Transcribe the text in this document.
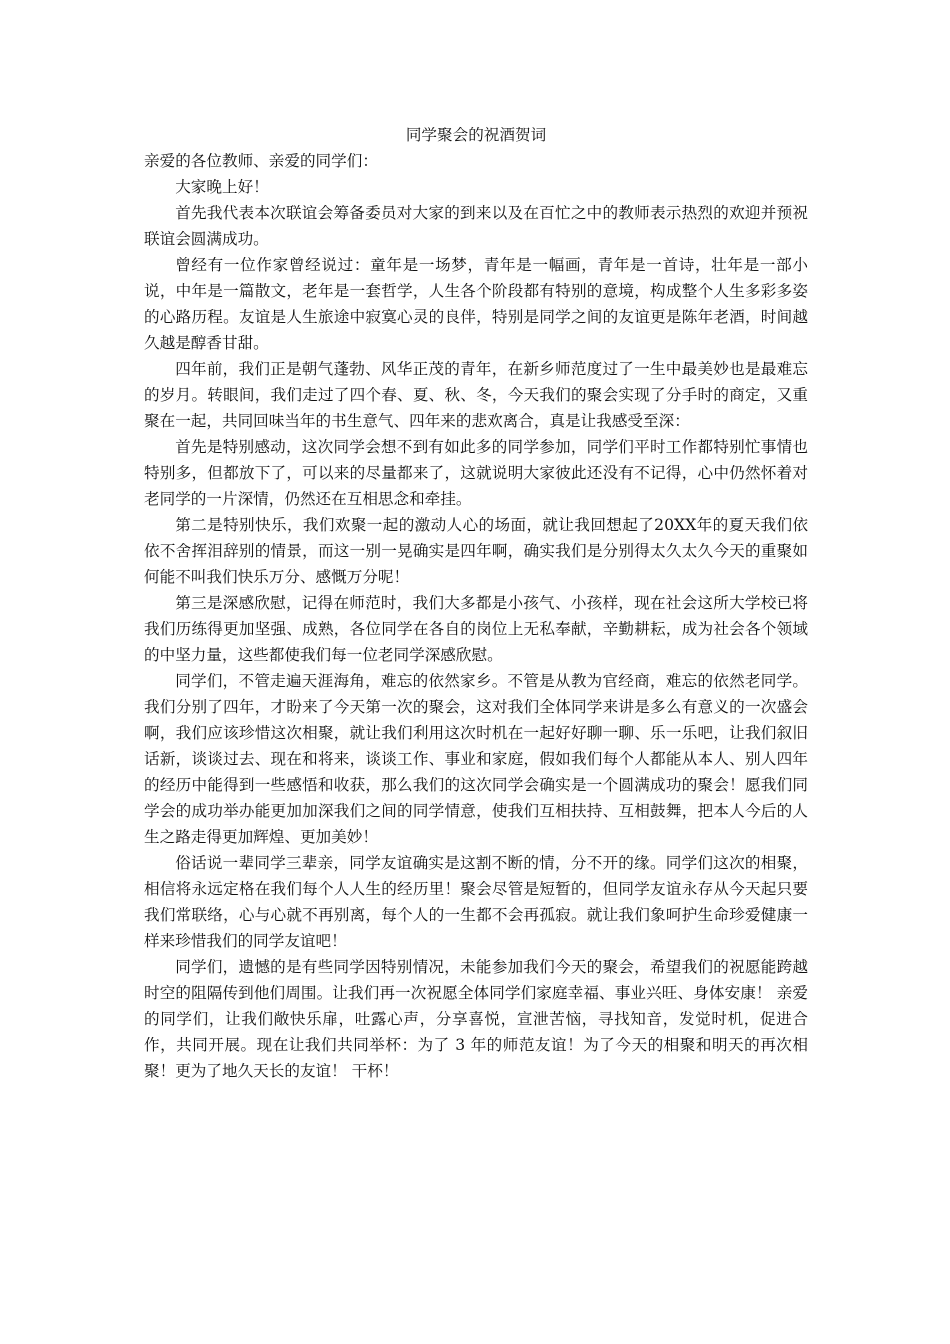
同学聚会的祝酒贺词

亲爱的各位教师、亲爱的同学们：

大家晚上好！

首先我代表本次联谊会筹备委员对大家的到来以及在百忙之中的教师表示热烈的欢迎并预祝联谊会圆满成功。

曾经有一位作家曾经说过：童年是一场梦，青年是一幅画，青年是一首诗，壮年是一部小说，中年是一篇散文，老年是一套哲学，人生各个阶段都有特别的意境，构成整个人生多彩多姿的心路历程。友谊是人生旅途中寂寞心灵的良伴，特别是同学之间的友谊更是陈年老酒，时间越久越是醇香甘甜。

四年前，我们正是朝气蓬勃、风华正茂的青年，在新乡师范度过了一生中最美妙也是最难忘的岁月。转眼间，我们走过了四个春、夏、秋、冬，今天我们的聚会实现了分手时的商定，又重聚在一起，共同回味当年的书生意气、四年来的悲欢离合，真是让我感受至深：

首先是特别感动，这次同学会想不到有如此多的同学参加，同学们平时工作都特别忙事情也特别多，但都放下了，可以来的尽量都来了，这就说明大家彼此还没有不记得，心中仍然怀着对老同学的一片深情，仍然还在互相思念和牵挂。

第二是特别快乐，我们欢聚一起的激动人心的场面，就让我回想起了20XX年的夏天我们依依不舍挥泪辞别的情景，而这一别一晃确实是四年啊，确实我们是分别得太久太久今天的重聚如何能不叫我们快乐万分、感慨万分呢！

第三是深感欣慰，记得在师范时，我们大多都是小孩气、小孩样，现在社会这所大学校已将我们历练得更加坚强、成熟，各位同学在各自的岗位上无私奉献，辛勤耕耘，成为社会各个领域的中坚力量，这些都使我们每一位老同学深感欣慰。

同学们，不管走遍天涯海角，难忘的依然家乡。不管是从教为官经商，难忘的依然老同学。我们分别了四年，才盼来了今天第一次的聚会，这对我们全体同学来讲是多么有意义的一次盛会啊，我们应该珍惜这次相聚，就让我们利用这次时机在一起好好聊一聊、乐一乐吧，让我们叙旧话新，谈谈过去、现在和将来，谈谈工作、事业和家庭，假如我们每个人都能从本人、别人四年的经历中能得到一些感悟和收获，那么我们的这次同学会确实是一个圆满成功的聚会！愿我们同学会的成功举办能更加加深我们之间的同学情意，使我们互相扶持、互相鼓舞，把本人今后的人生之路走得更加辉煌、更加美妙！

俗话说一辈同学三辈亲，同学友谊确实是这割不断的情，分不开的缘。同学们这次的相聚，相信将永远定格在我们每个人人生的经历里！聚会尽管是短暂的，但同学友谊永存从今天起只要我们常联络，心与心就不再别离，每个人的一生都不会再孤寂。就让我们象呵护生命珍爱健康一样来珍惜我们的同学友谊吧！

同学们，遗憾的是有些同学因特别情况，未能参加我们今天的聚会，希望我们的祝愿能跨越时空的阻隔传到他们周围。让我们再一次祝愿全体同学们家庭幸福、事业兴旺、身体安康！ 亲爱的同学们，让我们敞快乐扉，吐露心声，分享喜悦，宣泄苦恼，寻找知音，发觉时机，促进合作，共同开展。现在让我们共同举杯：为了 3 年的师范友谊！为了今天的相聚和明天的再次相聚！更为了地久天长的友谊！ 干杯！
